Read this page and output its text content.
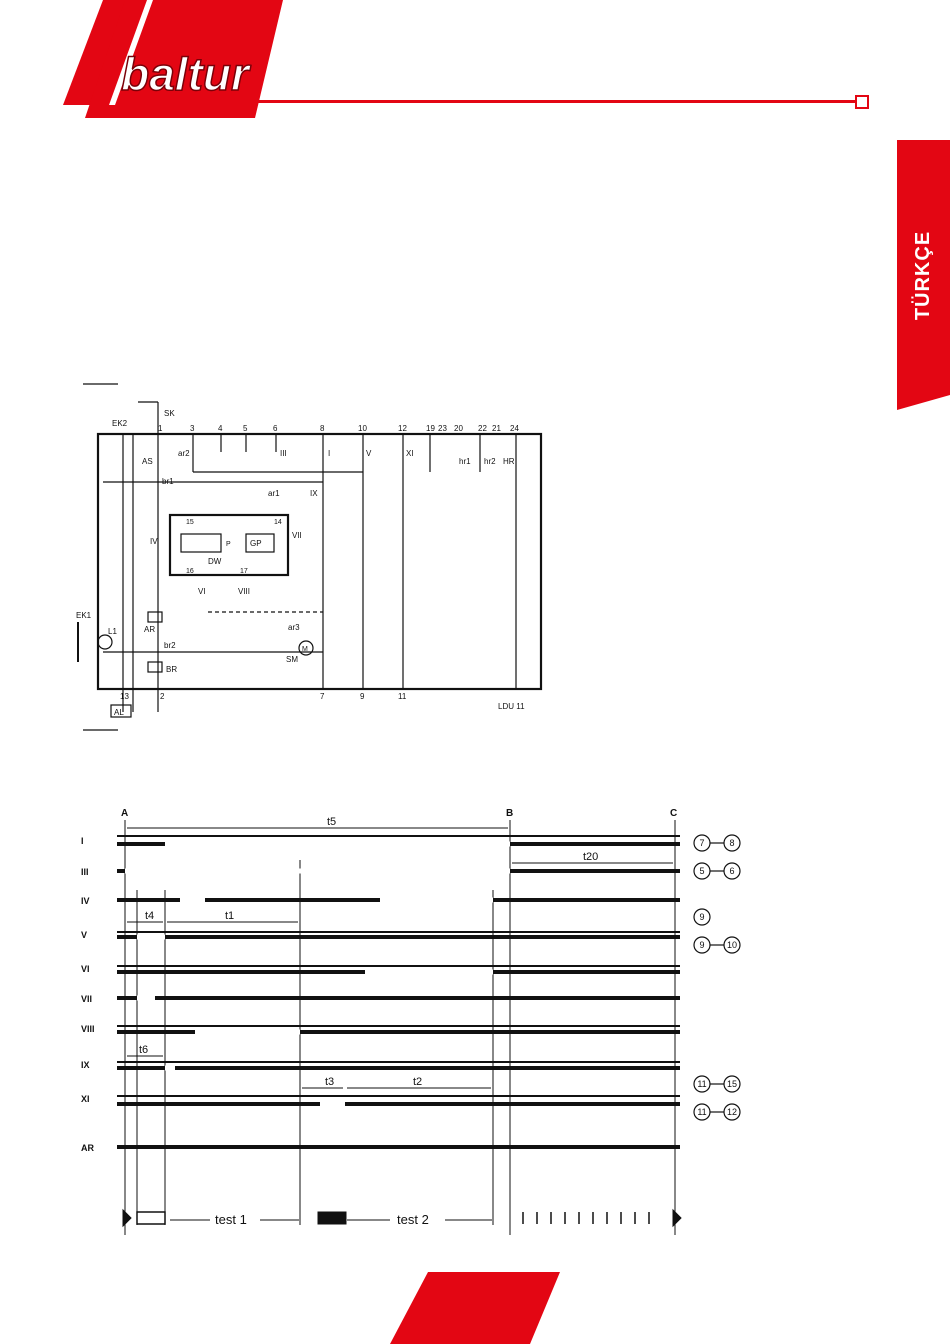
baltur
TÜRKÇE
SK
EK2
AS
br1
ar1	IX
IV
VII
DW
GP
P
VI	VIII
AR	ar3
EK1
L1
br2
BR
SM
M
AL
ar2	III	I	V	XI
hr1 hr2 HR
1	3	4	5	6	8	10	12 19 23 20 22 21 24
13	2	7	9	11
15	14
16	17
LDU 11
A	B	C
I
III
IV
V
VI
VII
VIII
IX
XI
AR
t5
t20
t4	t1
t6
t3	t2
7	8
5	6
9
9 10
11 15
11 12
test 1	test 2
